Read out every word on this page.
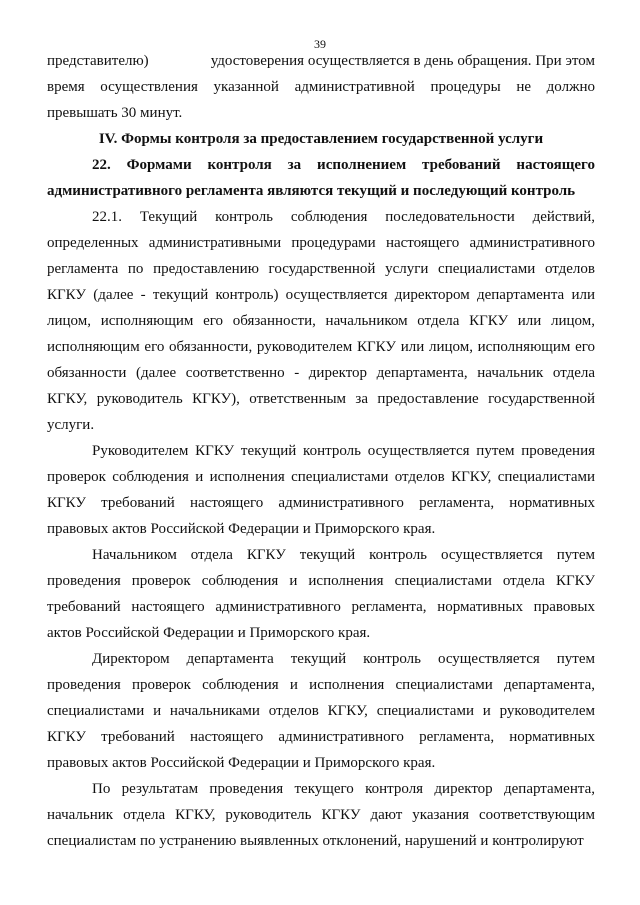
39

представителю)	удостоверения осуществляется в день обращения. При этом время осуществления указанной административной процедуры не должно превышать 30 минут.

IV. Формы контроля за предоставлением государственной услуги

22. Формами контроля за исполнением требований настоящего административного регламента являются текущий и последующий контроль

22.1. Текущий контроль соблюдения последовательности действий, определенных административными процедурами настоящего административного регламента по предоставлению государственной услуги специалистами отделов КГКУ (далее - текущий контроль) осуществляется директором департамента или лицом, исполняющим его обязанности, начальником отдела КГКУ или лицом, исполняющим его обязанности, руководителем КГКУ или лицом, исполняющим его обязанности (далее соответственно - директор департамента, начальник отдела КГКУ, руководитель КГКУ), ответственным за предоставление государственной услуги.

Руководителем КГКУ текущий контроль осуществляется путем проведения проверок соблюдения и исполнения специалистами отделов КГКУ, специалистами КГКУ требований настоящего административного регламента, нормативных правовых актов Российской Федерации и Приморского края.

Начальником отдела КГКУ текущий контроль осуществляется путем проведения проверок соблюдения и исполнения специалистами отдела КГКУ требований настоящего административного регламента, нормативных правовых актов Российской Федерации и Приморского края.

Директором департамента текущий контроль осуществляется путем проведения проверок соблюдения и исполнения специалистами департамента, специалистами и начальниками отделов КГКУ, специалистами и руководителем КГКУ требований настоящего административного регламента, нормативных правовых актов Российской Федерации и Приморского края.

По результатам проведения текущего контроля директор департамента, начальник отдела КГКУ, руководитель КГКУ дают указания соответствующим специалистам по устранению выявленных отклонений, нарушений и контролируют
